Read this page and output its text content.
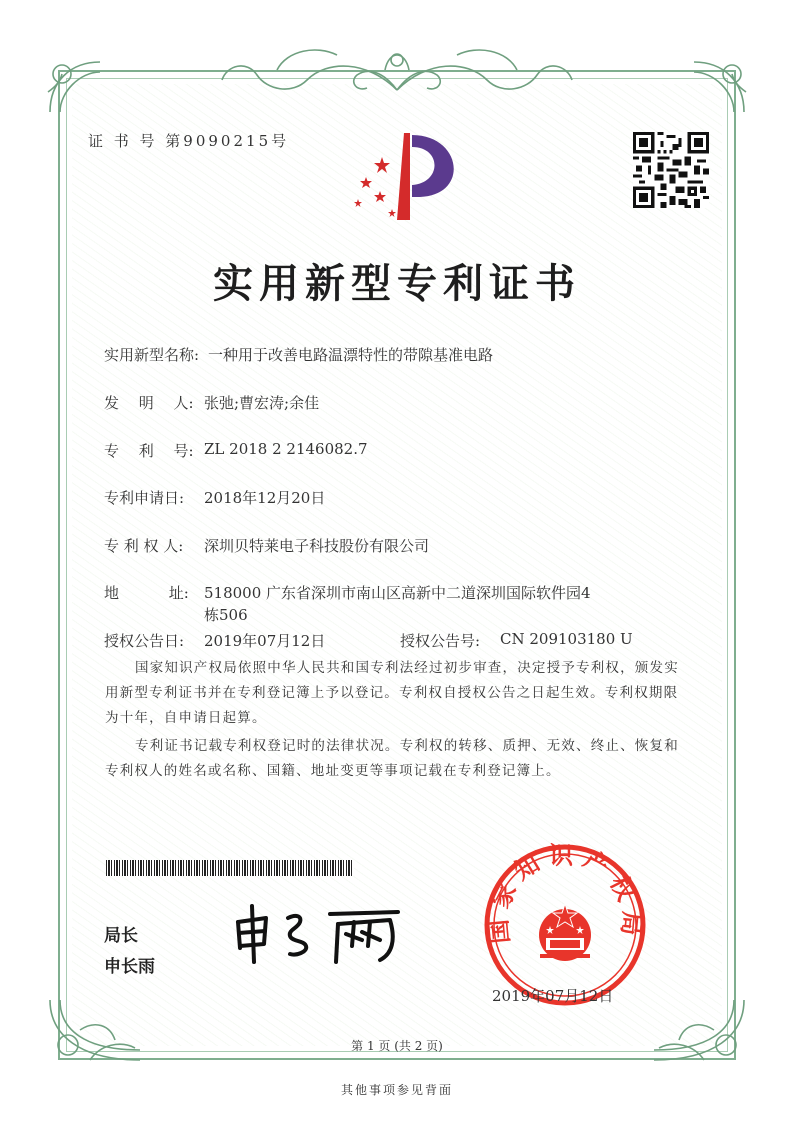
证 书 号 第9090215号
实用新型专利证书
实用新型名称: 一种用于改善电路温漂特性的带隙基准电路
发　 明　 人: 张弛;曹宏涛;余佳
专　 利　 号: ZL 2018 2 2146082.7
专利申请日: 2018年12月20日
专 利 权 人: 深圳贝特莱电子科技股份有限公司
地　　　 址: 518000 广东省深圳市南山区高新中二道深圳国际软件园4
栋506
授权公告日: 2019年07月12日	授权公告号: CN 209103180 U
国家知识产权局依照中华人民共和国专利法经过初步审查，决定授予专利权，颁发实用新型专利证书并在专利登记簿上予以登记。专利权自授权公告之日起生效。专利权期限为十年，自申请日起算。
专利证书记载专利权登记时的法律状况。专利权的转移、质押、无效、终止、恢复和专利权人的姓名或名称、国籍、地址变更等事项记载在专利登记簿上。
局长
申长雨
国家知识产权局
2019年07月12日
第 1 页 (共 2 页)
其他事项参见背面
